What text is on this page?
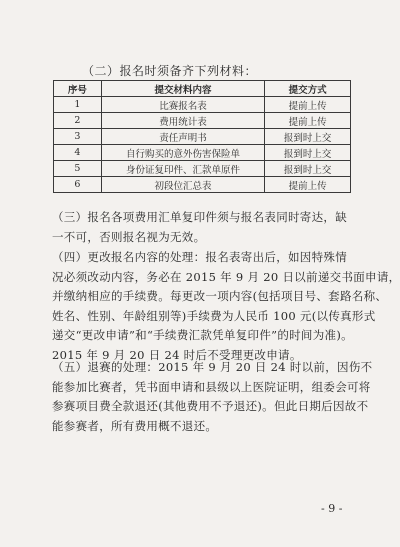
（二）报名时须备齐下列材料：
序号	提交材料内容	提交方式
1	比赛报名表	提前上传
2	费用统计表	提前上传
3	责任声明书	报到时上交
4	自行购买的意外伤害保险单	报到时上交
5	身份证复印件、汇款单原件	报到时上交
6	初段位汇总表	提前上传
（三）报名各项费用汇单复印件须与报名表同时寄达，缺
一不可，否则报名视为无效。
（四）更改报名内容的处理：报名表寄出后，如因特殊情
况必须改动内容，务必在 2015 年 9 月 20 日以前递交书面申请，
并缴纳相应的手续费。每更改一项内容(包括项目号、套路名称、
姓名、性别、年龄组别等)手续费为人民币 100 元(以传真形式
递交“更改申请”和“手续费汇款凭单复印件”的时间为准)。
2015 年 9 月 20 日 24 时后不受理更改申请。
（五）退赛的处理：2015 年 9 月 20 日 24 时以前，因伤不
能参加比赛者，凭书面申请和县级以上医院证明，组委会可将
参赛项目费全款退还(其他费用不予退还)。但此日期后因故不
能参赛者，所有费用概不退还。
- 9 -
